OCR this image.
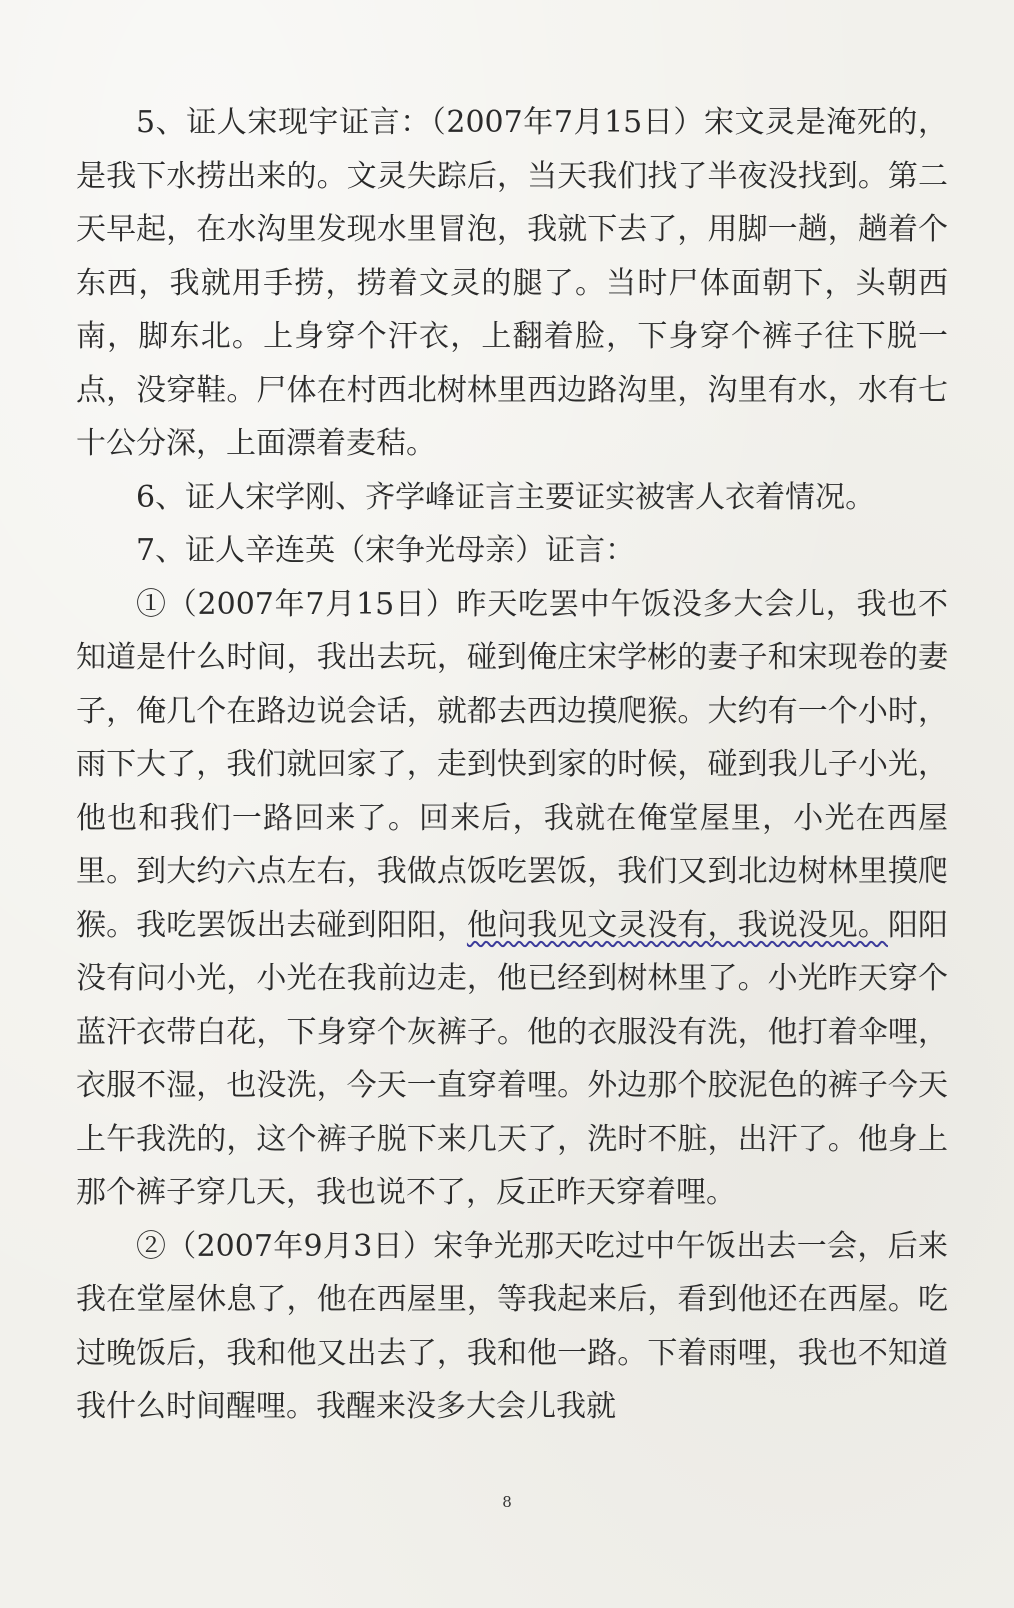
5、证人宋现宇证言：（2007年7月15日）宋文灵是淹死的，是我下水捞出来的。文灵失踪后，当天我们找了半夜没找到。第二天早起，在水沟里发现水里冒泡，我就下去了，用脚一趟，趟着个东西，我就用手捞，捞着文灵的腿了。当时尸体面朝下，头朝西南，脚东北。上身穿个汗衣，上翻着脸，下身穿个裤子往下脱一点，没穿鞋。尸体在村西北树林里西边路沟里，沟里有水，水有七十公分深，上面漂着麦秸。

6、证人宋学刚、齐学峰证言主要证实被害人衣着情况。

7、证人辛连英（宋争光母亲）证言：

①（2007年7月15日）昨天吃罢中午饭没多大会儿，我也不知道是什么时间，我出去玩，碰到俺庄宋学彬的妻子和宋现卷的妻子，俺几个在路边说会话，就都去西边摸爬猴。大约有一个小时，雨下大了，我们就回家了，走到快到家的时候，碰到我儿子小光，他也和我们一路回来了。回来后，我就在俺堂屋里，小光在西屋里。到大约六点左右，我做点饭吃罢饭，我们又到北边树林里摸爬猴。我吃罢饭出去碰到阳阳，他问我见文灵没有，我说没见。阳阳没有问小光，小光在我前边走，他已经到树林里了。小光昨天穿个蓝汗衣带白花，下身穿个灰裤子。他的衣服没有洗，他打着伞哩，衣服不湿，也没洗，今天一直穿着哩。外边那个胶泥色的裤子今天上午我洗的，这个裤子脱下来几天了，洗时不脏，出汗了。他身上那个裤子穿几天，我也说不了，反正昨天穿着哩。

②（2007年9月3日）宋争光那天吃过中午饭出去一会，后来我在堂屋休息了，他在西屋里，等我起来后，看到他还在西屋。吃过晚饭后，我和他又出去了，我和他一路。下着雨哩，我也不知道我什么时间醒哩。我醒来没多大会儿我就

8
